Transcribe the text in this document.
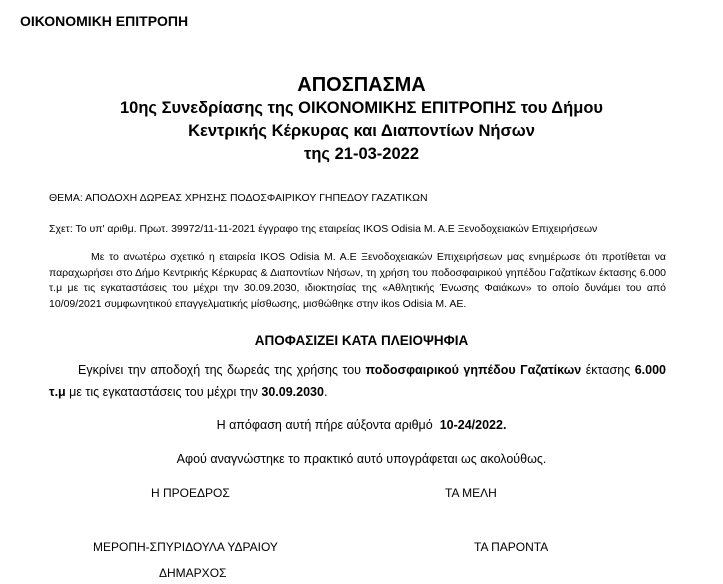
ΟΙΚΟΝΟΜΙΚΗ ΕΠΙΤΡΟΠΗ
ΑΠΟΣΠΑΣΜΑ
10ης Συνεδρίασης της ΟΙΚΟΝΟΜΙΚΗΣ ΕΠΙΤΡΟΠΗΣ του Δήμου
Κεντρικής Κέρκυρας και Διαποντίων Νήσων
της 21-03-2022
ΘΕΜΑ: ΑΠΟΔΟΧΗ ΔΩΡΕΑΣ ΧΡΗΣΗΣ ΠΟΔΟΣΦΑΙΡΙΚΟΥ ΓΗΠΕΔΟΥ ΓΑΖΑΤΙΚΩΝ
Σχετ: Το υπ' αριθμ. Πρωτ. 39972/11-11-2021 έγγραφο της εταιρείας IKOS Odisia Μ. Α.Ε Ξενοδοχειακών Επιχειρήσεων
Με το ανωτέρω σχετικό η εταιρεία IKOS Odisia Μ. Α.Ε Ξενοδοχειακών Επιχειρήσεων μας ενημέρωσε ότι προτίθεται να παραχωρήσει στο Δήμο Κεντρικής Κέρκυρας & Διαποντίων Νήσων, τη χρήση του ποδοσφαιρικού γηπέδου Γαζατίκων έκτασης 6.000 τ.μ με τις εγκαταστάσεις του μέχρι την 30.09.2030, ιδιοκτησίας της «Αθλητικής Ένωσης Φαιάκων» το οποίο δυνάμει του από 10/09/2021 συμφωνητικού επαγγελματικής μίσθωσης, μισθώθηκε στην ikos Odisia Μ. ΑΕ.
ΑΠΟΦΑΣΙΖΕΙ ΚΑΤΑ ΠΛΕΙΟΨΗΦΙΑ
Εγκρίνει την αποδοχή της δωρεάς της χρήσης του ποδοσφαιρικού γηπέδου Γαζατίκων έκτασης 6.000 τ.μ με τις εγκαταστάσεις του μέχρι την 30.09.2030.
Η απόφαση αυτή πήρε αύξοντα αριθμό  10-24/2022.
Αφού αναγνώστηκε το πρακτικό αυτό υπογράφεται ως ακολούθως.
Η ΠΡΟΕΔΡΟΣ	ΤΑ ΜΕΛΗ
ΜΕΡΟΠΗ-ΣΠΥΡΙΔΟΥΛΑ ΥΔΡΑΙΟΥ	ΤΑ ΠΑΡΟΝΤΑ
ΔΗΜΑΡΧΟΣ
